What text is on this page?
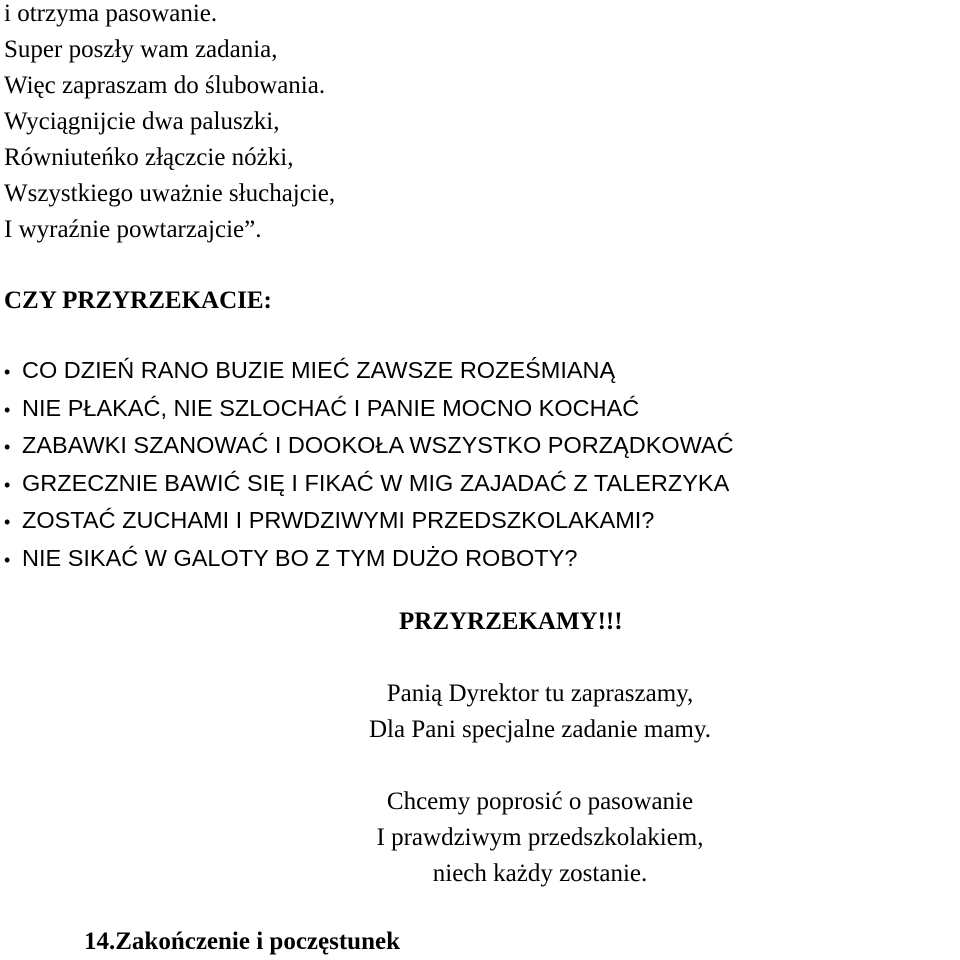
i otrzyma pasowanie.
Super poszły wam zadania,
Więc zapraszam do ślubowania.
Wyciągnijcie dwa paluszki,
Równiuteńko złączcie nóżki,
Wszystkiego uważnie słuchajcie,
I wyraźnie powtarzajcie”.
CZY PRZYRZEKACIE:
• CO DZIEŃ RANO BUZIE MIEĆ ZAWSZE ROZEŚMIANĄ
• NIE PŁAKAĆ, NIE SZLOCHAĆ I PANIE MOCNO KOCHAĆ
• ZABAWKI SZANOWAĆ I DOOKOŁA WSZYSTKO PORZĄDKOWAĆ
• GRZECZNIE BAWIĆ SIĘ I FIKAĆ W MIG ZAJADAĆ Z TALERZYKA
• ZOSTAĆ ZUCHAMI I PRWDZIWYMI PRZEDSZKOLAKAMI?
• NIE SIKAĆ W GALOTY BO Z TYM DUŻO ROBOTY?
PRZYRZEKAMY!!!
Panią Dyrektor tu zapraszamy,
Dla Pani specjalne zadanie mamy.
Chcemy poprosić o pasowanie
I prawdziwym przedszkolakiem,
niech każdy zostanie.
14.Zakończenie i poczęstunek
